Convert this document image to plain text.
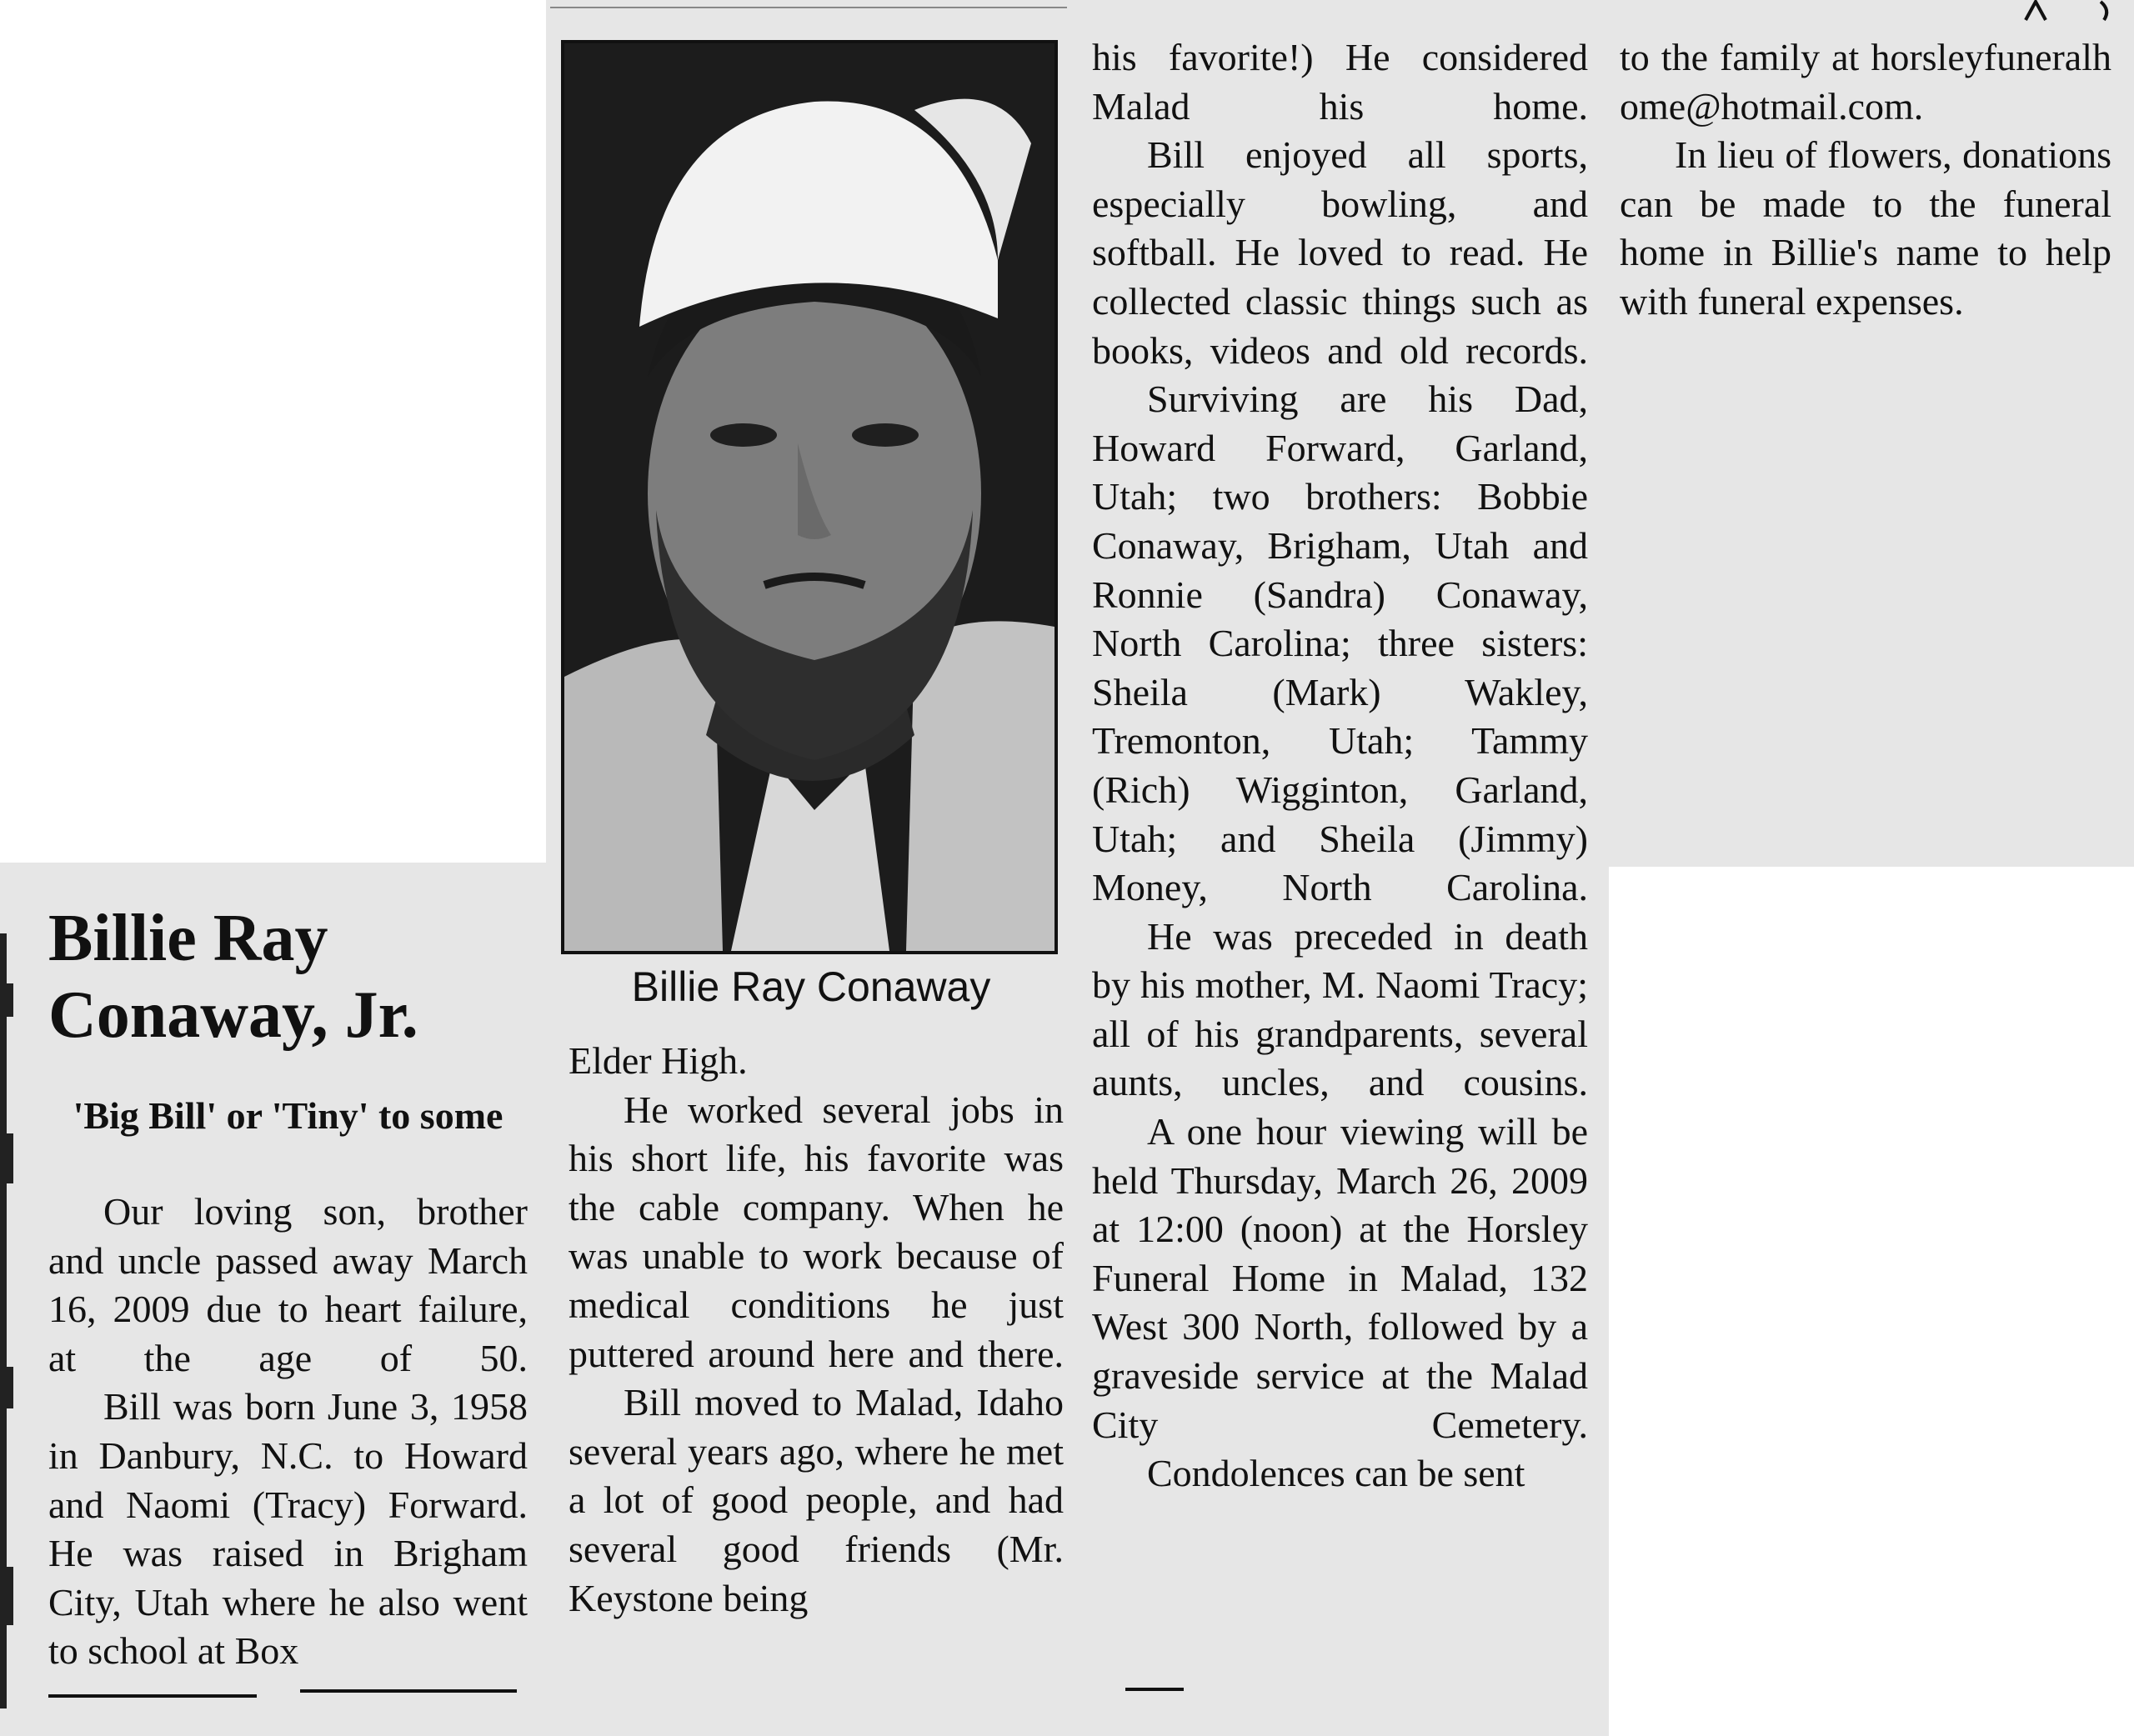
Billie Ray Conaway, Jr.
'Big Bill' or 'Tiny' to some

Our loving son, brother and uncle passed away March 16, 2009 due to heart failure, at the age of 50.

Bill was born June 3, 1958 in Danbury, N.C. to Howard and Naomi (Tracy) Forward. He was raised in Brigham City, Utah where he also went to school at Box

Billie Ray Conaway

Elder High.

He worked several jobs in his short life, his favorite was the cable company. When he was unable to work because of medical conditions he just puttered around here and there.

Bill moved to Malad, Idaho several years ago, where he met a lot of good people, and had several good friends (Mr. Keystone being

his favorite!) He considered Malad his home.

Bill enjoyed all sports, especially bowling, and softball. He loved to read. He collected classic things such as books, videos and old records.

Surviving are his Dad, Howard Forward, Garland, Utah; two brothers: Bobbie Conaway, Brigham, Utah and Ronnie (Sandra) Conaway, North Carolina; three sisters: Sheila (Mark) Wakley, Tremonton, Utah; Tammy (Rich) Wigginton, Garland, Utah; and Sheila (Jimmy) Money, North Carolina.

He was preceded in death by his mother, M. Naomi Tracy; all of his grandparents, several aunts, uncles, and cousins.

A one hour viewing will be held Thursday, March 26, 2009 at 12:00 (noon) at the Horsley Funeral Home in Malad, 132 West 300 North, followed by a graveside service at the Malad City Cemetery.

Condolences can be sent

to the family at horsleyfuneralhome@hotmail.com.

In lieu of flowers, donations can be made to the funeral home in Billie's name to help with funeral expenses.
